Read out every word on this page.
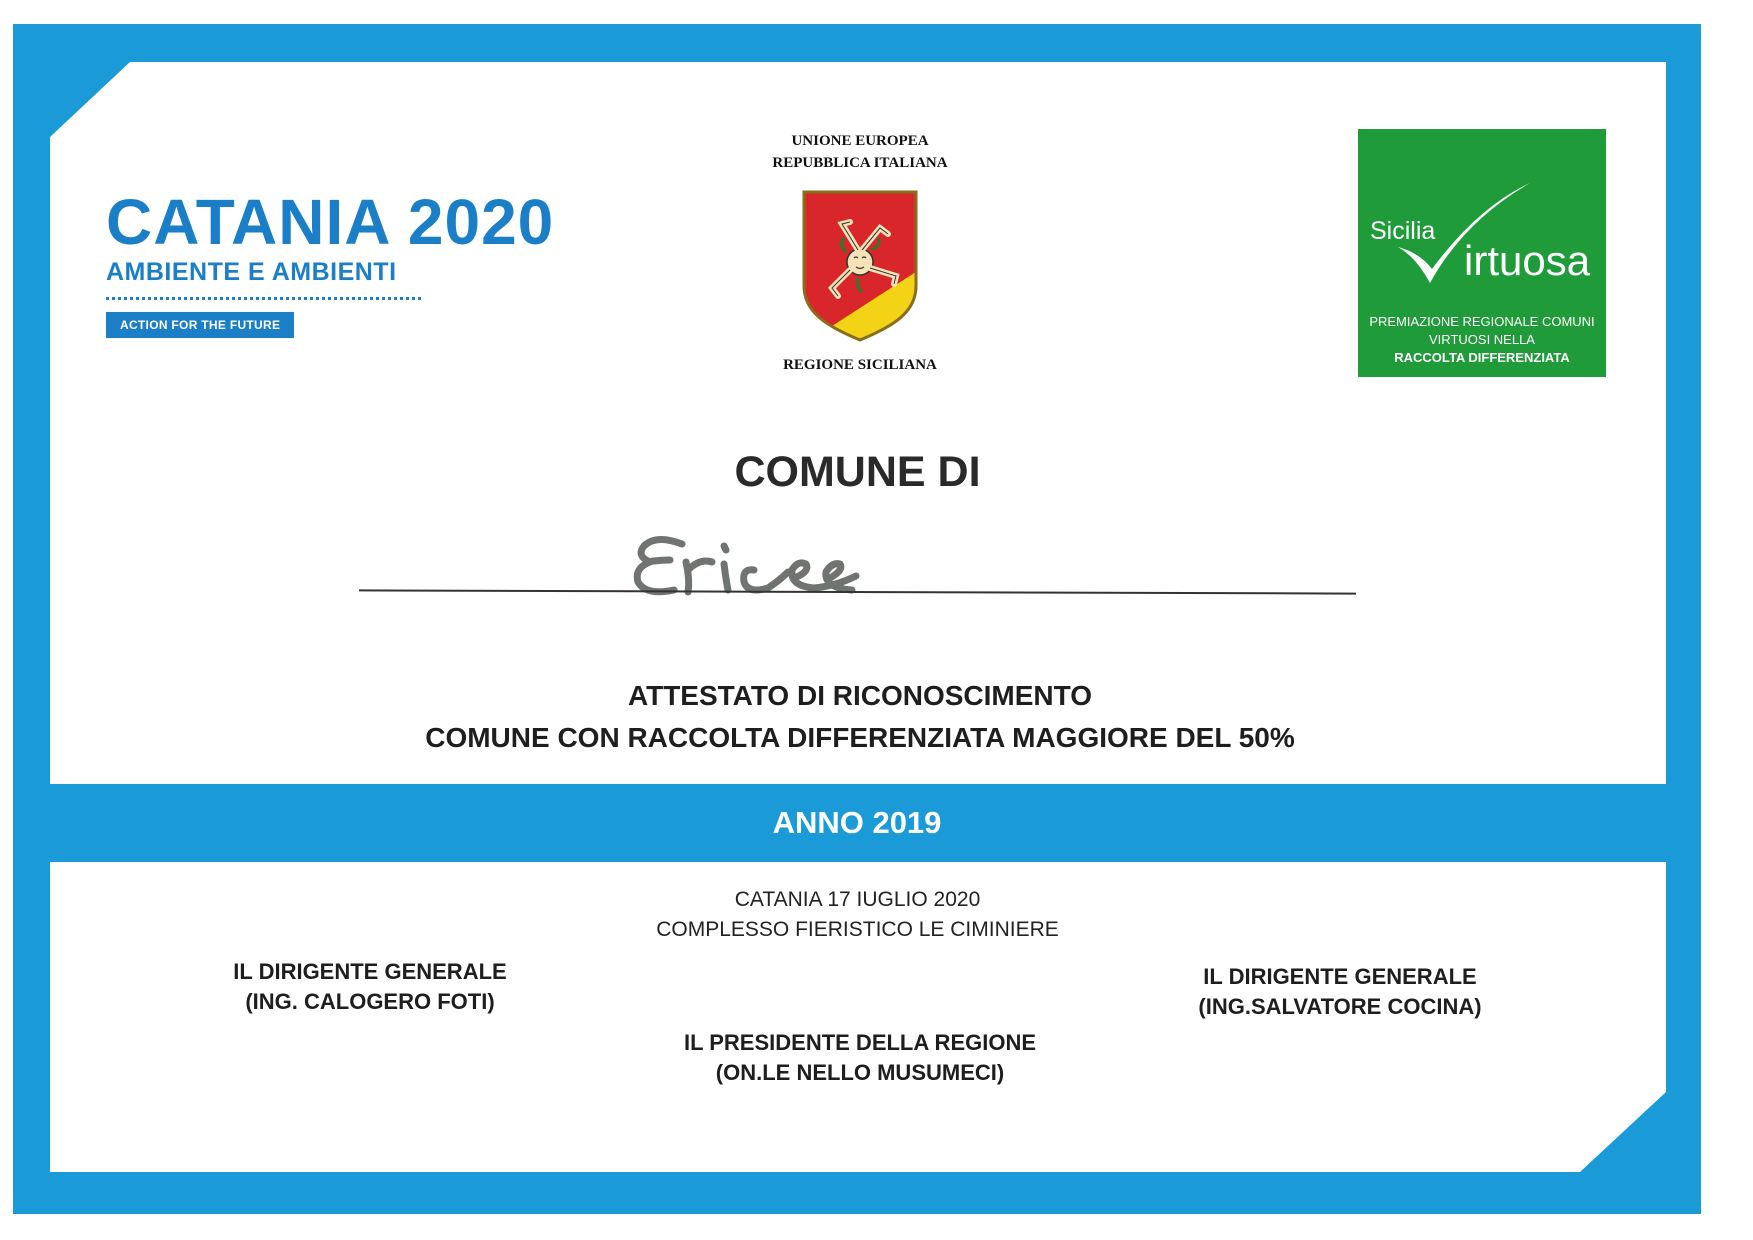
ANNO 2019
CATANIA 2020
AMBIENTE E AMBIENTI
ACTION FOR THE FUTURE
UNIONE EUROPEA
REPUBBLICA ITALIANA
REGIONE SICILIANA
Sicilia
irtuosa
PREMIAZIONE REGIONALE COMUNI
VIRTUOSI NELLA
RACCOLTA DIFFERENZIATA
COMUNE DI
ATTESTATO DI RICONOSCIMENTO
COMUNE CON RACCOLTA DIFFERENZIATA MAGGIORE DEL 50%
CATANIA 17 IUGLIO 2020
COMPLESSO FIERISTICO LE CIMINIERE
IL DIRIGENTE GENERALE
(ING. CALOGERO FOTI)
IL DIRIGENTE GENERALE
(ING.SALVATORE COCINA)
IL PRESIDENTE DELLA REGIONE
(ON.LE NELLO MUSUMECI)
